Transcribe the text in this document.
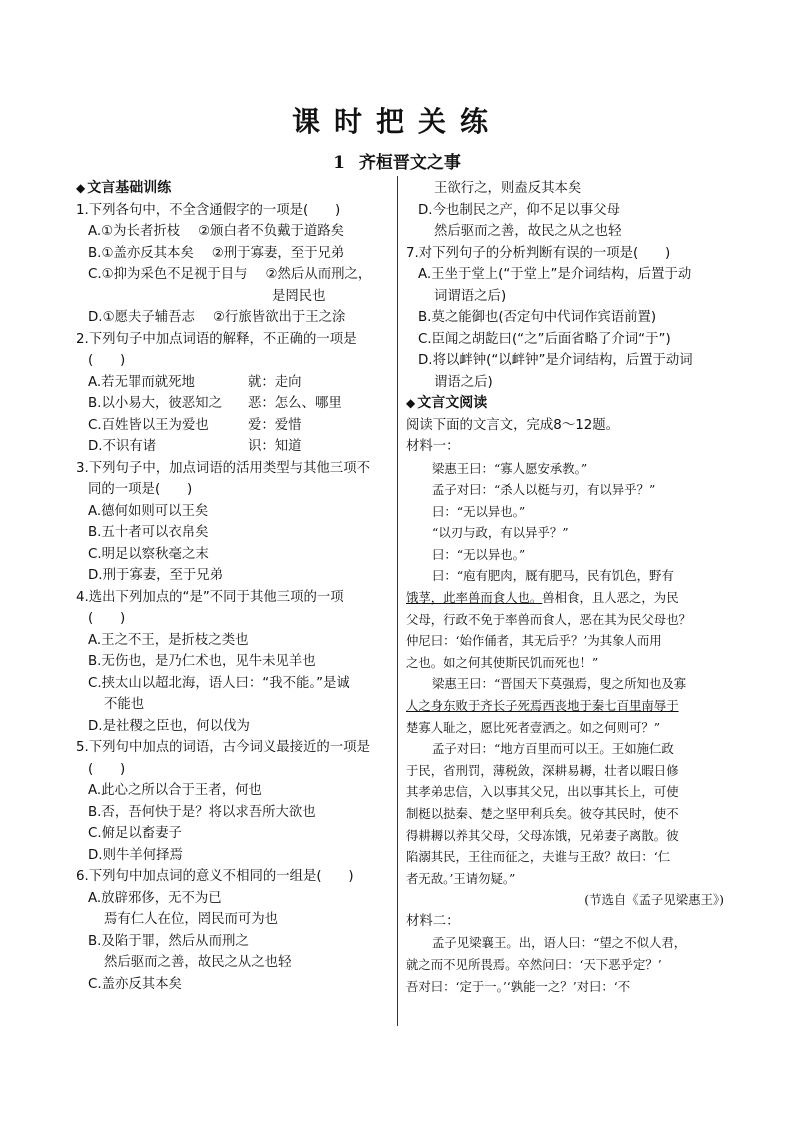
课时把关练
1 齐桓晋文之事
◆ 文言基础训练
1.下列各句中，不全含通假字的一项是(　　)
A.①为长者折枝 ②颁白者不负戴于道路矣
B.①盖亦反其本矣 ②刑于寡妻，至于兄弟
C.①抑为采色不足视于目与 ②然后从而刑之，
是罔民也
D.①愿夫子辅吾志 ②行旅皆欲出于王之涂
2.下列句子中加点词语的解释，不正确的一项是
(　　)
A.若无罪而就死地	就：走向
B.以小易大，彼恶知之	恶：怎么、哪里
C.百姓皆以王为爱也	爱：爱惜
D.不识有诸	识：知道
3.下列句子中，加点词语的活用类型与其他三项不
同的一项是(　　)
A.德何如则可以王矣
B.五十者可以衣帛矣
C.明足以察秋毫之末
D.刑于寡妻，至于兄弟
4.选出下列加点的“是”不同于其他三项的一项
(　　)
A.王之不王，是折枝之类也
B.无伤也，是乃仁术也，见牛未见羊也
C.挟太山以超北海，语人曰：“我不能。”是诚
不能也
D.是社稷之臣也，何以伐为
5.下列句中加点的词语，古今词义最接近的一项是
(　　)
A.此心之所以合于王者，何也
B.否，吾何快于是？将以求吾所大欲也
C.俯足以畜妻子
D.则牛羊何择焉
6.下列句中加点词的意义不相同的一组是(　　)
A.放辟邪侈，无不为已
焉有仁人在位，罔民而可为也
B.及陷于罪，然后从而刑之
然后驱而之善，故民之从之也轻
C.盖亦反其本矣
王欲行之，则盍反其本矣
D.今也制民之产，仰不足以事父母
然后驱而之善，故民之从之也轻
7.对下列句子的分析判断有误的一项是(　　)
A.王坐于堂上(“于堂上”是介词结构，后置于动
词谓语之后)
B.莫之能御也(否定句中代词作宾语前置)
C.臣闻之胡龁曰(“之”后面省略了介词“于”)
D.将以衅钟(“以衅钟”是介词结构，后置于动词
谓语之后)
◆ 文言文阅读
阅读下面的文言文，完成8～12题。
材料一：
梁惠王曰：“寡人愿安承教。”
孟子对曰：“杀人以梃与刃，有以异乎？”
曰：“无以异也。”
“以刃与政，有以异乎？”
曰：“无以异也。”
曰：“庖有肥肉，厩有肥马，民有饥色，野有
饿莩，此率兽而食人也。兽相食，且人恶之，为民
父母，行政不免于率兽而食人，恶在其为民父母也？
仲尼曰：‘始作俑者，其无后乎？’为其象人而用
之也。如之何其使斯民饥而死也！”
梁惠王曰：“晋国天下莫强焉，叟之所知也及寡
人之身东败于齐长子死焉西丧地于秦七百里南辱于
楚寡人耻之，愿比死者壹洒之。如之何则可？”
孟子对曰：“地方百里而可以王。王如施仁政
于民，省刑罚，薄税敛，深耕易耨，壮者以暇日修
其孝弟忠信，入以事其父兄，出以事其长上，可使
制梃以挞秦、楚之坚甲利兵矣。彼夺其民时，使不
得耕耨以养其父母，父母冻饿，兄弟妻子离散。彼
陷溺其民，王往而征之，夫谁与王敌？故曰：‘仁
者无敌。’王请勿疑。”
(节选自《孟子见梁惠王》)
材料二：
孟子见梁襄王。出，语人曰：“望之不似人君，
就之而不见所畏焉。卒然问曰：‘天下恶乎定？’
吾对曰：‘定于一。’‘孰能一之？’对曰：‘不
